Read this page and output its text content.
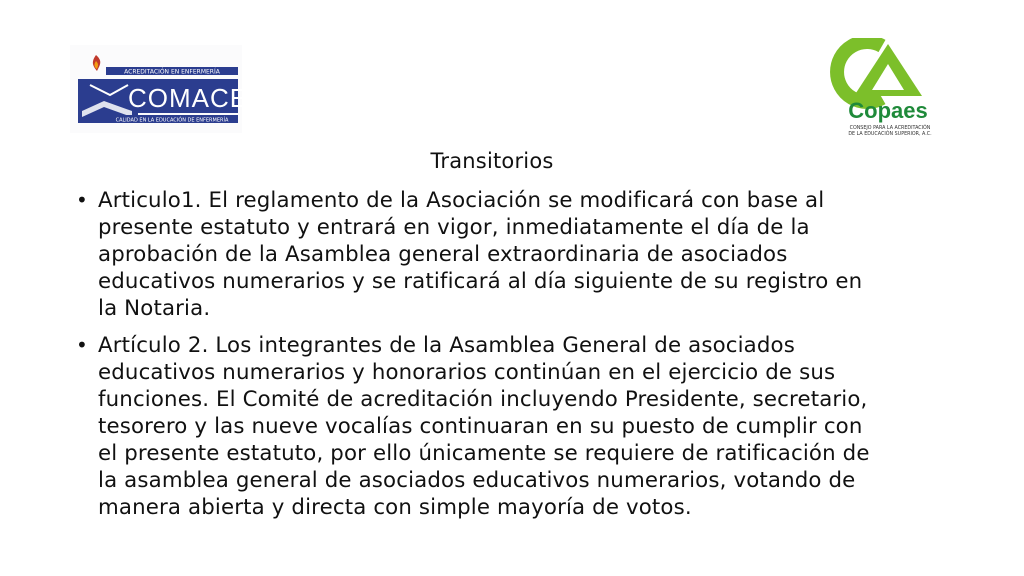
ACREDITACIÓN EN ENFERMERÍA
COMACE
CALIDAD EN LA EDUCACIÓN DE ENFERMERÍA	Copaes
CONSEJO PARA LA ACREDITACIÓN
DE LA EDUCACIÓN SUPERIOR, A.C.
Transitorios
• Articulo1. El reglamento de la Asociación se modificará con base al
presente estatuto y entrará en vigor, inmediatamente el día de la
aprobación de la Asamblea general extraordinaria de asociados
educativos numerarios y se ratificará al día siguiente de su registro en
la Notaria.
• Artículo 2. Los integrantes de la Asamblea General de asociados
educativos numerarios y honorarios continúan en el ejercicio de sus
funciones. El Comité de acreditación incluyendo Presidente, secretario,
tesorero y las nueve vocalías continuaran en su puesto de cumplir con
el presente estatuto, por ello únicamente se requiere de ratificación de
la asamblea general de asociados educativos numerarios, votando de
manera abierta y directa con simple mayoría de votos.
